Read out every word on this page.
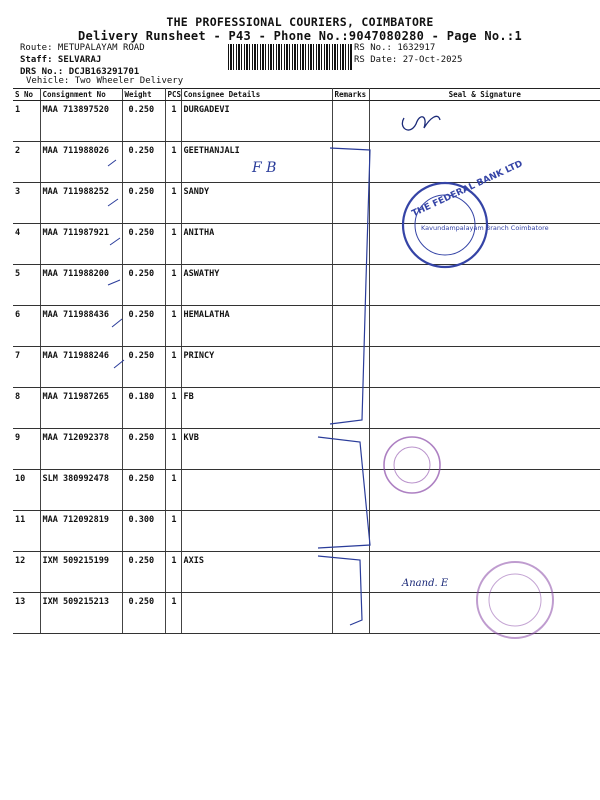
THE PROFESSIONAL COURIERS, COIMBATORE
Delivery Runsheet - P43 - Phone No.:9047080280 - Page No.:1
Route: METUPALAYAM ROAD
Staff: SELVARAJ
DRS No.: DCJB163291701
Vehicle: Two Wheeler Delivery
RS No.: 1632917
RS Date: 27-Oct-2025
S No	Consignment No	Weight	PCS	Consignee Details	Remarks	Seal & Signature
1	MAA 713897520	0.250	1	DURGADEVI		
2	MAA 711988026	0.250	1	GEETHANJALI		
3	MAA 711988252	0.250	1	SANDY		
4	MAA 711987921	0.250	1	ANITHA		
5	MAA 711988200	0.250	1	ASWATHY		
6	MAA 711988436	0.250	1	HEMALATHA		
7	MAA 711988246	0.250	1	PRINCY		
8	MAA 711987265	0.180	1	FB		
9	MAA 712092378	0.250	1	KVB		
10	SLM 380992478	0.250	1			
11	MAA 712092819	0.300	1			
12	IXM 509215199	0.250	1	AXIS		
13	IXM 509215213	0.250	1			
F B	THE FEDERAL BANK LTD
Kavundampalayam Branch Coimbatore
Anand. E
